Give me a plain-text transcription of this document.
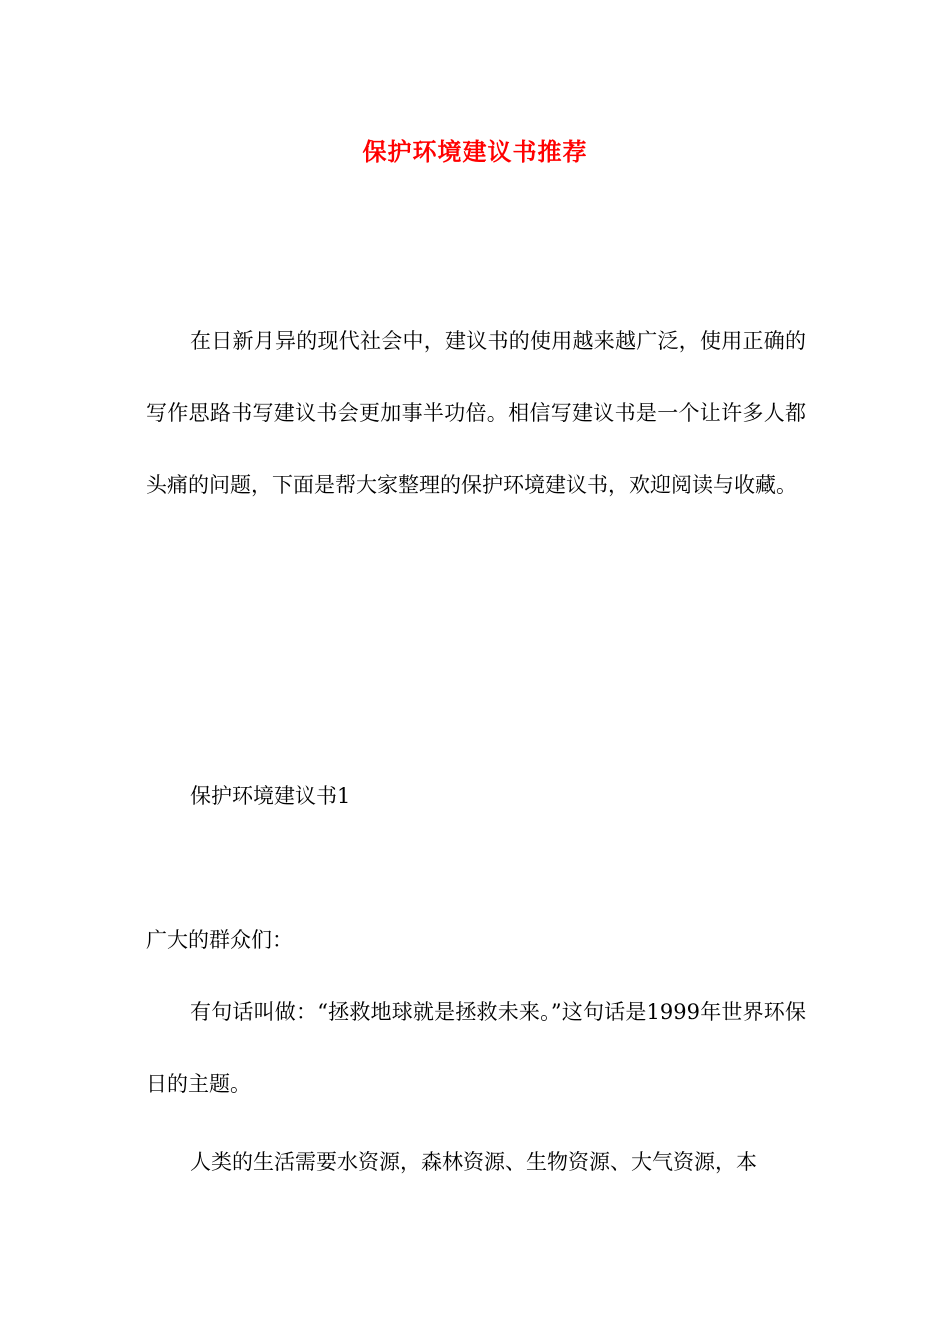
保护环境建议书推荐
在日新月异的现代社会中，建议书的使用越来越广泛，使用正确的写作思路书写建议书会更加事半功倍。相信写建议书是一个让许多人都头痛的问题，下面是帮大家整理的保护环境建议书，欢迎阅读与收藏。
保护环境建议书1
广大的群众们：
有句话叫做：“拯救地球就是拯救未来。”这句话是1999年世界环保日的主题。
人类的生活需要水资源，森林资源、生物资源、大气资源，本
